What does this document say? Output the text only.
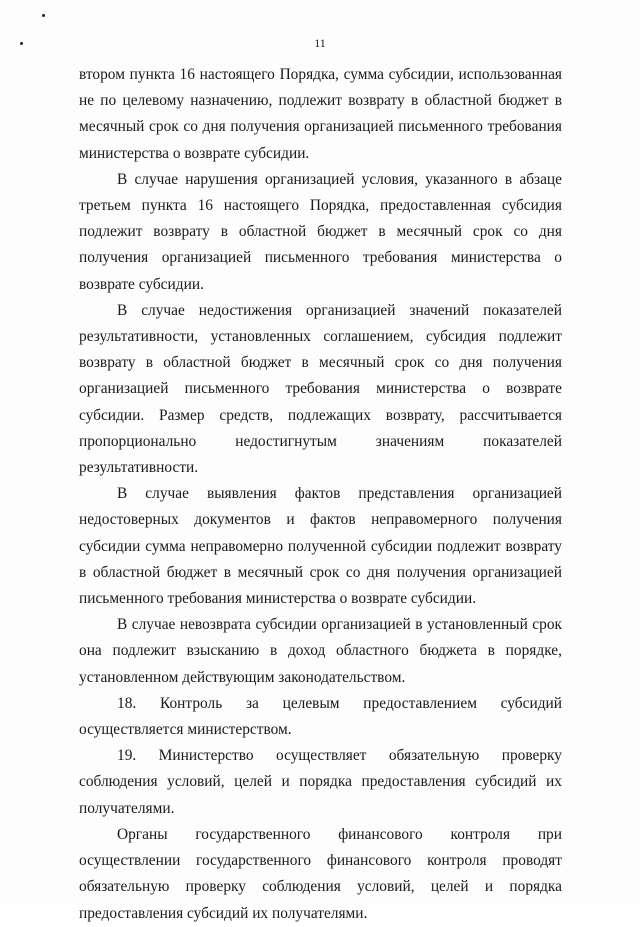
11

втором пункта 16 настоящего Порядка, сумма субсидии, использованная не по целевому назначению, подлежит возврату в областной бюджет в месячный срок со дня получения организацией письменного требования министерства о возврате субсидии.

В случае нарушения организацией условия, указанного в абзаце третьем пункта 16 настоящего Порядка, предоставленная субсидия подлежит возврату в областной бюджет в месячный срок со дня получения организацией письменного требования министерства о возврате субсидии.

В случае недостижения организацией значений показателей результативности, установленных соглашением, субсидия подлежит возврату в областной бюджет в месячный срок со дня получения организацией письменного требования министерства о возврате субсидии. Размер средств, подлежащих возврату, рассчитывается пропорционально недостигнутым значениям показателей результативности.

В случае выявления фактов представления организацией недостоверных документов и фактов неправомерного получения субсидии сумма неправомерно полученной субсидии подлежит возврату в областной бюджет в месячный срок со дня получения организацией письменного требования министерства о возврате субсидии.

В случае невозврата субсидии организацией в установленный срок она подлежит взысканию в доход областного бюджета в порядке, установленном действующим законодательством.

18. Контроль за целевым предоставлением субсидий осуществляется министерством.

19. Министерство осуществляет обязательную проверку соблюдения условий, целей и порядка предоставления субсидий их получателями.

Органы государственного финансового контроля при осуществлении государственного финансового контроля проводят обязательную проверку соблюдения условий, целей и порядка предоставления субсидий их получателями.
